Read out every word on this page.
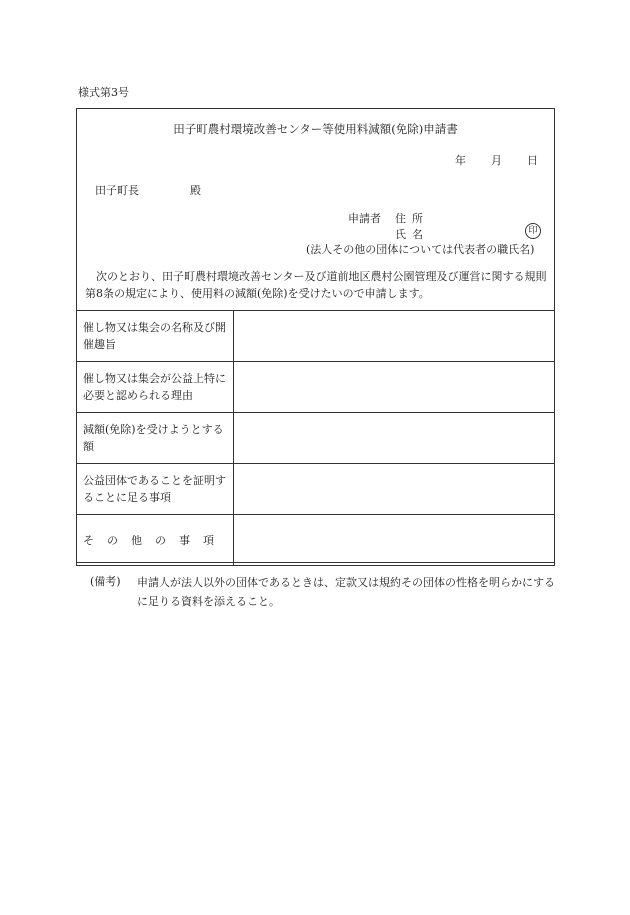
様式第3号
田子町農村環境改善センター等使用料減額(免除)申請書
年 月 日
田子町長	殿
申請者 住所
氏名	印
(法人その他の団体については代表者の職氏名)
次のとおり、田子町農村環境改善センター及び道前地区農村公園管理及び運営に関する規則第8条の規定により、使用料の減額(免除)を受けたいので申請します。
催し物又は集会の名称及び開催趣旨	
催し物又は集会が公益上特に必要と認められる理由	
減額(免除)を受けようとする額	
公益団体であることを証明することに足る事項	
その他の事項	
(備考) 申請人が法人以外の団体であるときは、定款又は規約その団体の性格を明らかにするに足りる資料を添えること。
